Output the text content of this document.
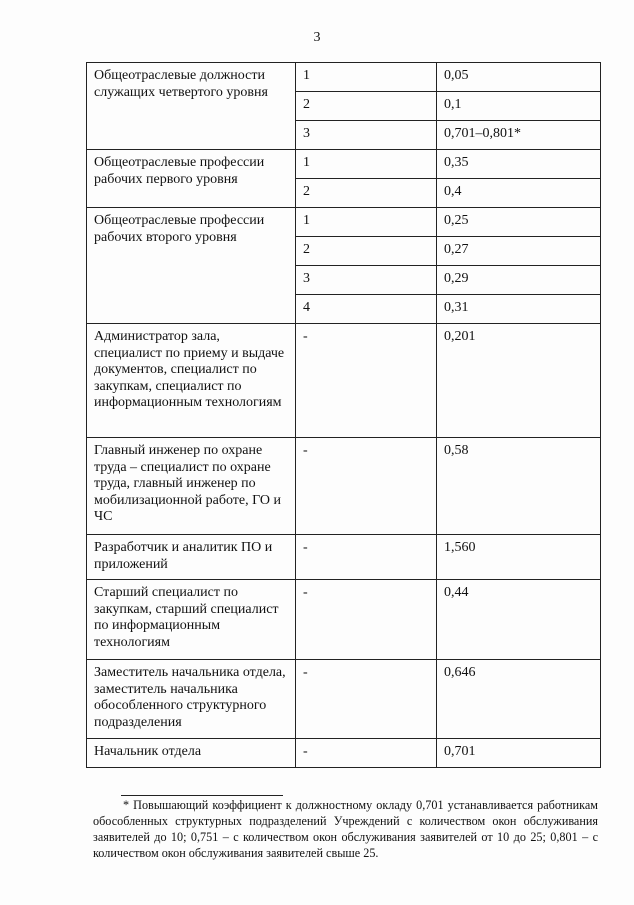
3
Общеотраслевые должности служащих четвертого уровня	1	0,05
	2	0,1
	3	0,701–0,801*
Общеотраслевые профессии рабочих первого уровня	1	0,35
	2	0,4
Общеотраслевые профессии рабочих второго уровня	1	0,25
	2	0,27
	3	0,29
	4	0,31
Администратор зала, специалист по приему и выдаче документов, специалист по закупкам, специалист по информационным технологиям	-	0,201
Главный инженер по охране труда – специалист по охране труда, главный инженер по мобилизационной работе, ГО и ЧС	-	0,58
Разработчик и аналитик ПО и приложений	-	1,560
Старший специалист по закупкам, старший специалист по информационным технологиям	-	0,44
Заместитель начальника отдела, заместитель начальника обособленного структурного подразделения	-	0,646
Начальник отдела	-	0,701
* Повышающий коэффициент к должностному окладу 0,701 устанавливается работникам обособленных структурных подразделений Учреждений с количеством окон обслуживания заявителей до 10; 0,751 – с количеством окон обслуживания заявителей от 10 до 25; 0,801 – с количеством окон обслуживания заявителей свыше 25.
